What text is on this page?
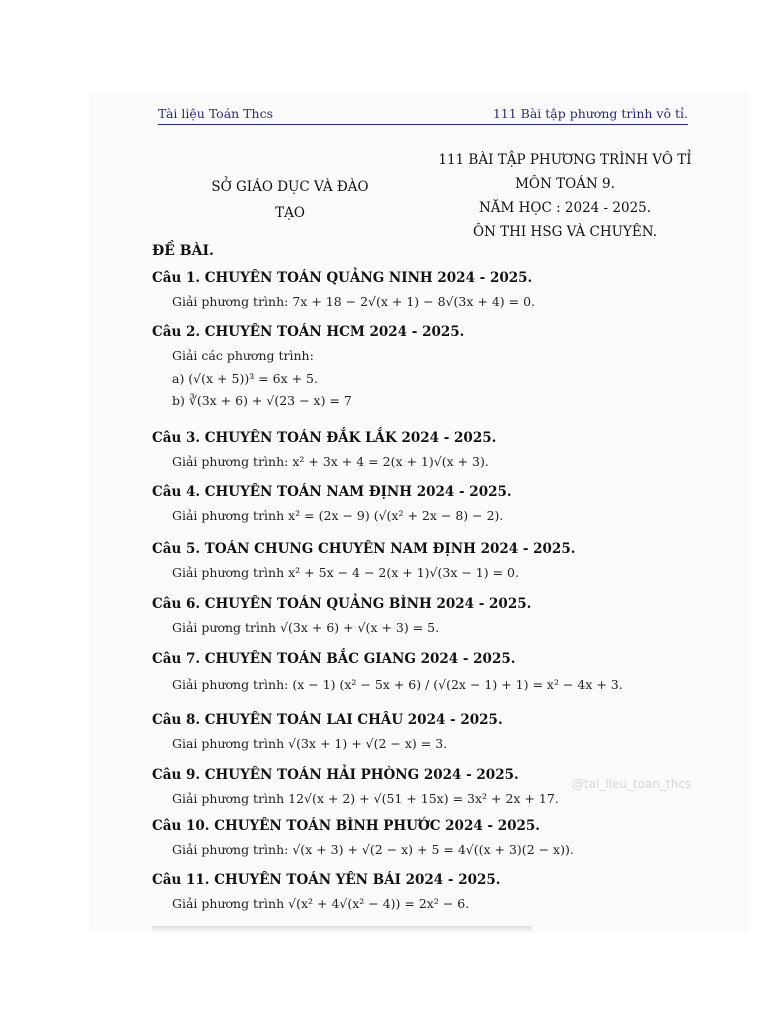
Tài liệu Toán Thcs	111 Bài tập phương trình vô tỉ.
SỞ GIÁO DỤC VÀ ĐÀO
TẠO
111 BÀI TẬP PHƯƠNG TRÌNH VÔ TỈ
MÔN TOÁN 9.
NĂM HỌC : 2024 - 2025.
ÔN THI HSG VÀ CHUYÊN.
ĐỀ BÀI.
Câu 1. CHUYÊN TOÁN QUẢNG NINH 2024 - 2025.
Giải phương trình: 7x + 18 − 2√(x + 1) − 8√(3x + 4) = 0.
Câu 2. CHUYÊN TOÁN HCM 2024 - 2025.
Giải các phương trình:
a) (√(x + 5))³ = 6x + 5.
b) ∛(3x + 6) + √(23 − x) = 7
Câu 3. CHUYÊN TOÁN ĐẮK LẮK 2024 - 2025.
Giải phương trình: x² + 3x + 4 = 2(x + 1)√(x + 3).
Câu 4. CHUYÊN TOÁN NAM ĐỊNH 2024 - 2025.
Giải phương trình x² = (2x − 9) (√(x² + 2x − 8) − 2).
Câu 5. TOÁN CHUNG CHUYÊN NAM ĐỊNH 2024 - 2025.
Giải phương trình x² + 5x − 4 − 2(x + 1)√(3x − 1) = 0.
Câu 6. CHUYÊN TOÁN QUẢNG BÌNH 2024 - 2025.
Giải pương trình √(3x + 6) + √(x + 3) = 5.
Câu 7. CHUYÊN TOÁN BẮC GIANG 2024 - 2025.
Giải phương trình: (x − 1) (x² − 5x + 6) / (√(2x − 1) + 1) = x² − 4x + 3.
Câu 8. CHUYÊN TOÁN LAI CHÂU 2024 - 2025.
Giai phương trình √(3x + 1) + √(2 − x) = 3.
Câu 9. CHUYÊN TOÁN HẢI PHÒNG 2024 - 2025.
Giải phương trình 12√(x + 2) + √(51 + 15x) = 3x² + 2x + 17.
Câu 10. CHUYÊN TOÁN BÌNH PHƯỚC 2024 - 2025.
Giải phương trình: √(x + 3) + √(2 − x) + 5 = 4√((x + 3)(2 − x)).
Câu 11. CHUYÊN TOÁN YÊN BÁI 2024 - 2025.
Giải phương trình √(x² + 4√(x² − 4)) = 2x² − 6.
@tai_lieu_toan_thcs
